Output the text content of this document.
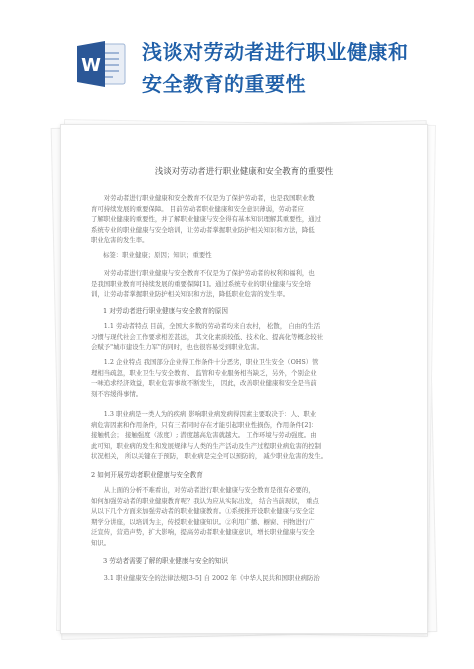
W
浅谈对劳动者进行职业健康和
安全教育的重要性
浅谈对劳动者进行职业健康和安全教育的重要性
对劳动者进行职业健康和安全教育不仅是为了保护劳动者，也是我国职业教
育可持续发展的重要保障。 目前劳动者职业健康和安全意识薄弱，劳动者应
了解职业健康的重要性，并了解职业健康与安全得有基本知识理解其重要性，通过
系统专业的职业健康与安全培训，让劳动者掌握职业防护相关知识和方法，降低
职业危害的发生率。
标签：职业健康；原因；知识；重要性
对劳动者进行职业健康与安全教育不仅是为了保护劳动者的权利和福利，也
是我国职业教育可持续发展的重要保障[1]。通过系统专业的职业健康与安全培
训，让劳动者掌握职业防护相关知识和方法，降低职业危害的发生率。
1 对劳动者进行职业健康与安全教育的原因
1.1 劳动者特点 目前，全国大多数的劳动者均来自农村， 松散， 自由的生活
习惯与现代社会工作要求相差甚远， 其文化素质较低、技术化、提高化等概念较社
会赋予"城市建设生力军"的同时，也也很容易受到职业危害。
1.2 企业特点 我国部分企业得工作条件十分恶劣，职业卫生安全（OHS）管
理相当疏忽，职业卫生与安全教育、 监管和专业服务相当缺乏，另外，个别企业
一味追求经济效益，职业危害事故不断发生， 因此，改善职业健康和安全是当前
刻不容缓得事情。
1.3 职业病是一类人为的疾病 影响职业病发病得因素主要取决于：人、职业
病危害因素和作用条件，只有三者同时存在才能引起职业性损伤，作用条件[2]：
接触机会； 接触强度（浓度）; 潜度越高危害就越大。 工作环境与劳动强度。由
此可知，职业病的发生和发展规律与人类的生产活动及生产过程职业病危害的控制
状况相关， 所以关键在于预防， 职业病是完全可以预防的， 减少职业危害的发生。
2 如何开展劳动者职业健康与安全教育
从上面的分析不难看出，对劳动者进行职业健康与安全教育是很有必要的，
如何加强劳动者的职业健康教育呢？我认为应从实际出发， 结合当前现状， 重点
从以下几个方面来加强劳动者的职业健康教育。①系统推开设职业健康与安全定
期学分讲座，以培训为主，传授职业健康知识。②利用广播、橱窗、刊物进行广
泛宣传，营造声势，扩大影响，提高劳动者职业健康意识，增长职业健康与安全
知识。
3 劳动者需要了解的职业健康与安全的知识
3.1 职业健康安全的法律法规[3-5] 自 2002 年《中华人民共和国职业病防治
